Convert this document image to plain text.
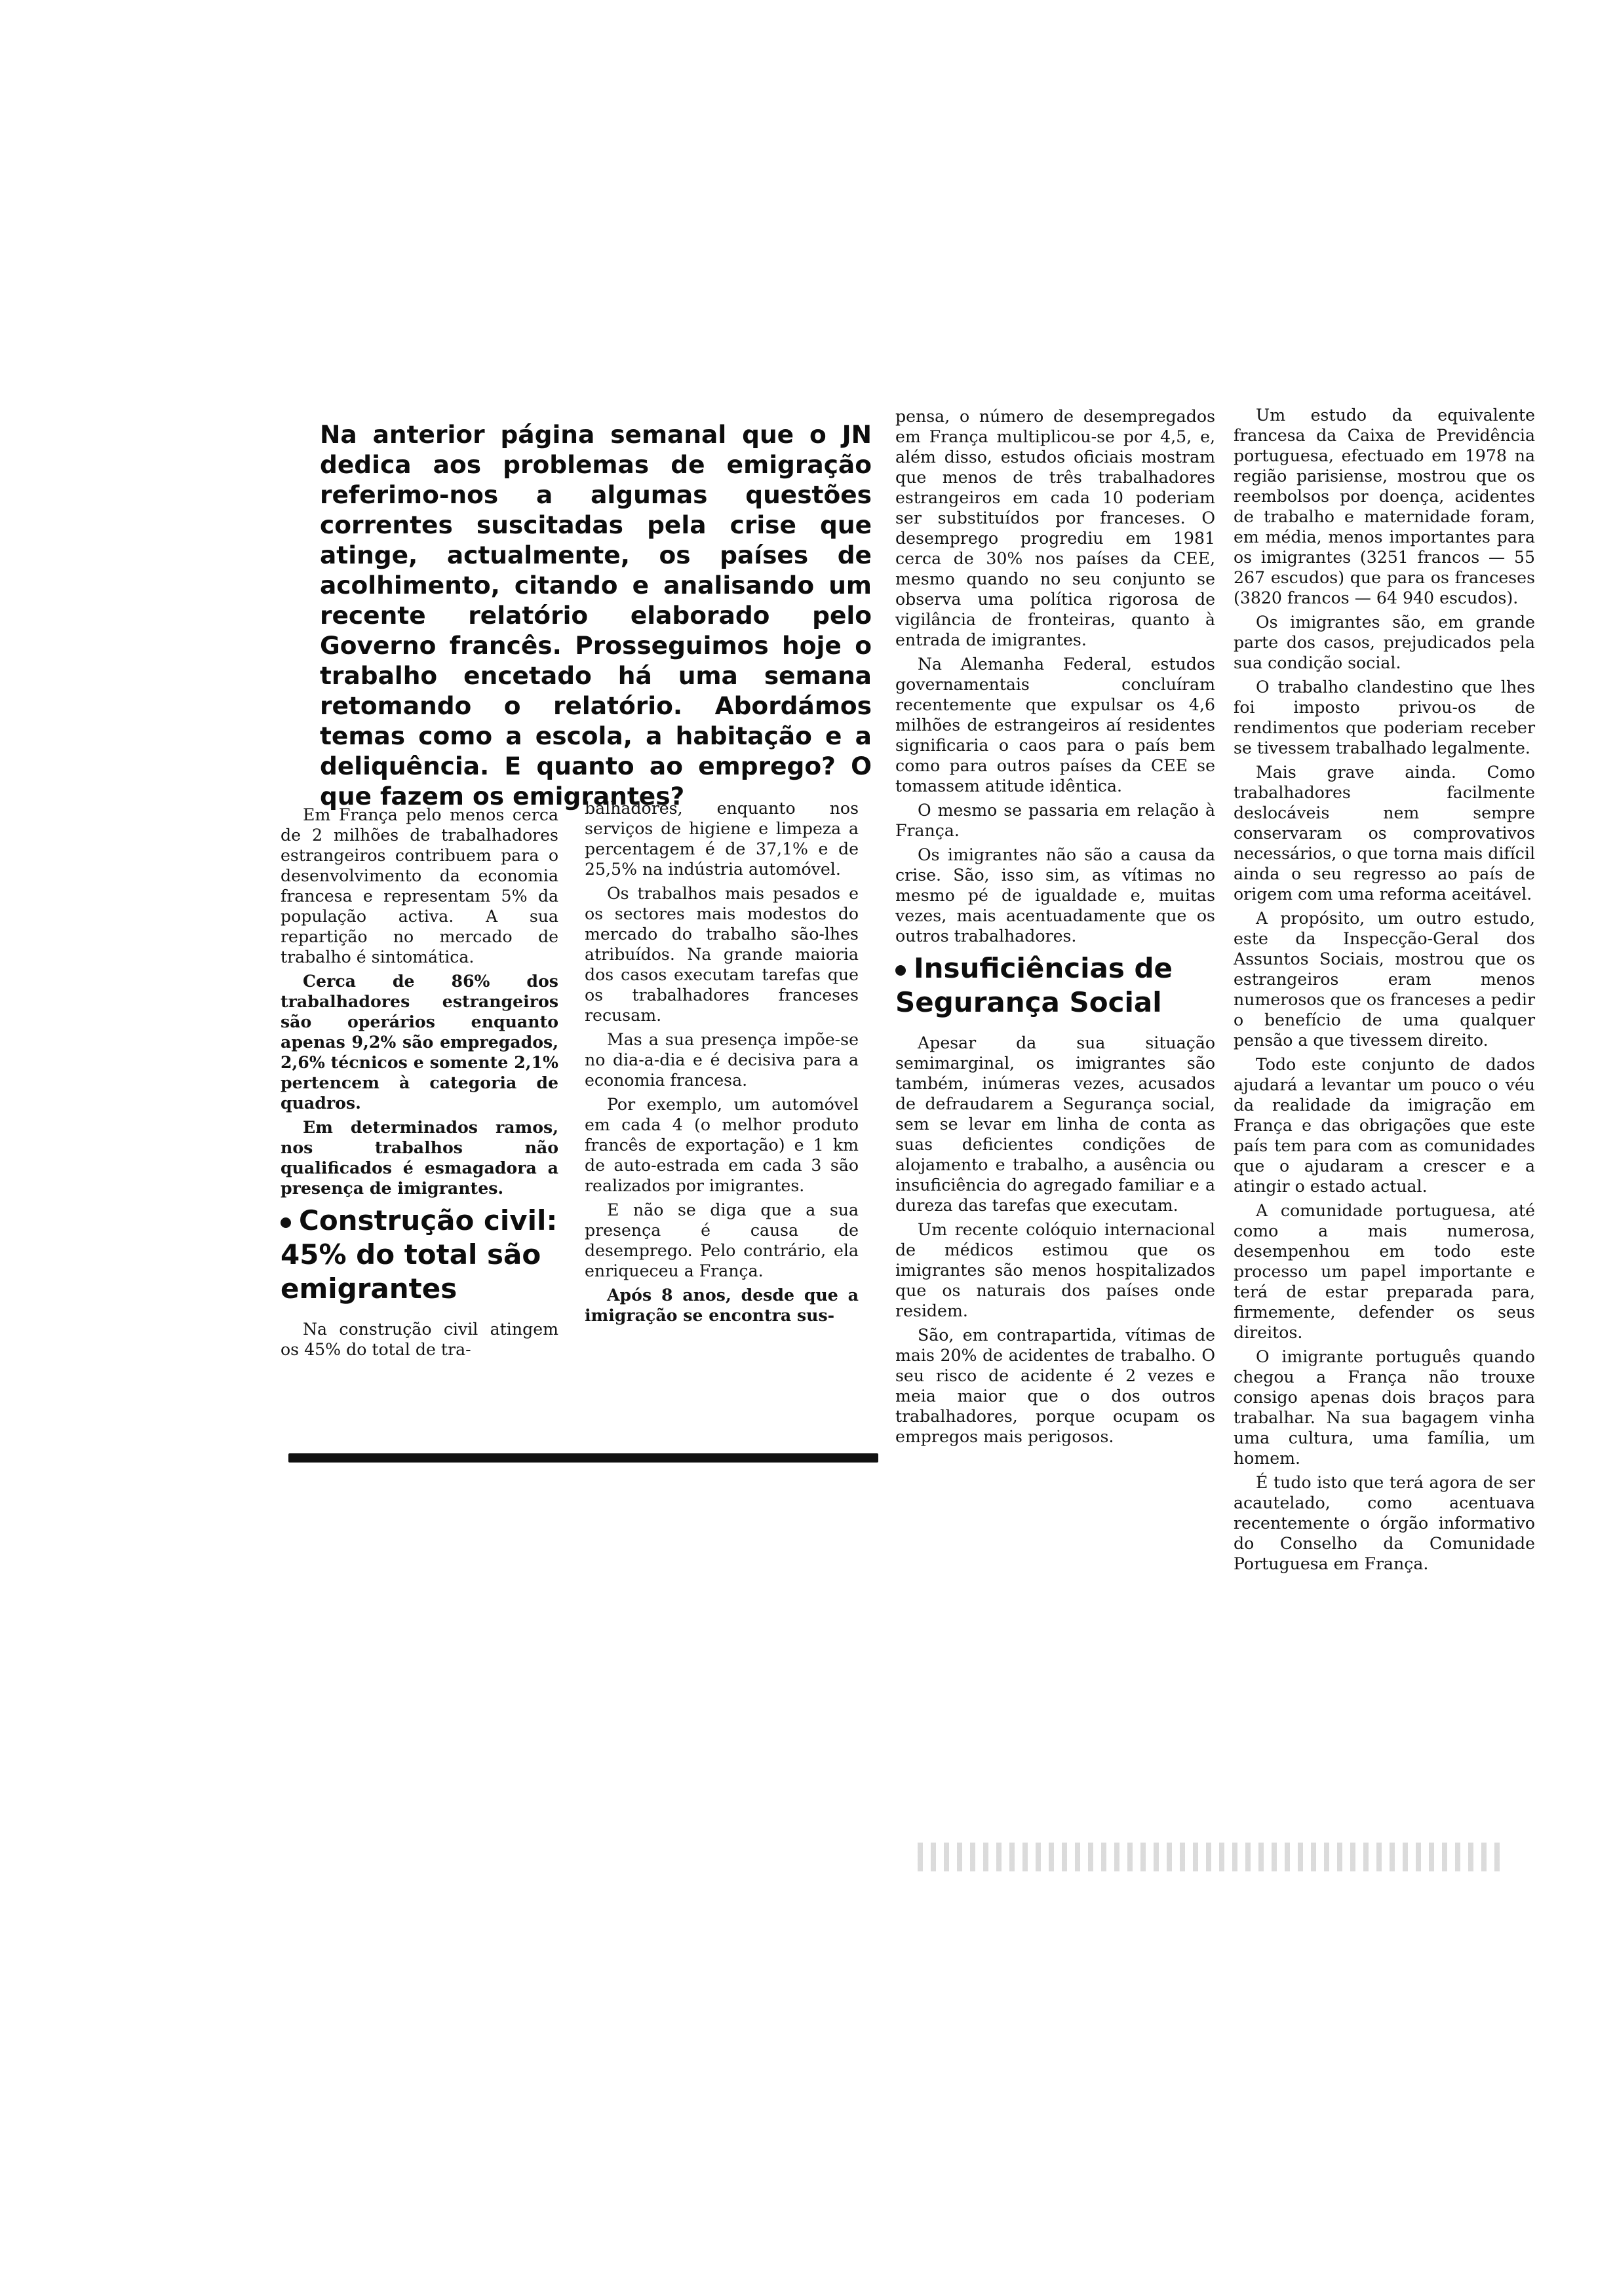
Na anterior página semanal que o JN dedica aos problemas de emigração referimo-nos a algumas questões correntes suscitadas pela crise que atinge, actualmente, os países de acolhimento, citando e analisando um recente relatório elaborado pelo Governo francês. Prosseguimos hoje o trabalho encetado há uma semana retomando o relatório. Abordámos temas como a escola, a habitação e a deliquência. E quanto ao emprego? O que fazem os emigrantes?

Em França pelo menos cerca de 2 milhões de trabalhadores estrangeiros contribuem para o desenvolvimento da economia francesa e representam 5% da população activa. A sua repartição no mercado de trabalho é sintomática.

Cerca de 86% dos trabalhadores estrangeiros são operários enquanto apenas 9,2% são empregados, 2,6% técnicos e somente 2,1% pertencem à categoria de quadros.

Em determinados ramos, nos trabalhos não qualificados é esmagadora a presença de imigrantes.

Construção civil: 45% do total são emigrantes

Na construção civil atingem os 45% do total de tra-

balhadores, enquanto nos serviços de higiene e limpeza a percentagem é de 37,1% e de 25,5% na indústria automóvel.

Os trabalhos mais pesados e os sectores mais modestos do mercado do trabalho são-lhes atribuídos. Na grande maioria dos casos executam tarefas que os trabalhadores franceses recusam.

Mas a sua presença impõe-se no dia-a-dia e é decisiva para a economia francesa.

Por exemplo, um automóvel em cada 4 (o melhor produto francês de exportação) e 1 km de auto-estrada em cada 3 são realizados por imigrantes.

E não se diga que a sua presença é causa de desemprego. Pelo contrário, ela enriqueceu a França.

Após 8 anos, desde que a imigração se encontra sus-

pensa, o número de desempregados em França multiplicou-se por 4,5, e, além disso, estudos oficiais mostram que menos de três trabalhadores estrangeiros em cada 10 poderiam ser substituídos por franceses. O desemprego progrediu em 1981 cerca de 30% nos países da CEE, mesmo quando no seu conjunto se observa uma política rigorosa de vigilância de fronteiras, quanto à entrada de imigrantes.

Na Alemanha Federal, estudos governamentais concluíram recentemente que expulsar os 4,6 milhões de estrangeiros aí residentes significaria o caos para o país bem como para outros países da CEE se tomassem atitude idêntica.

O mesmo se passaria em relação à França.

Os imigrantes não são a causa da crise. São, isso sim, as vítimas no mesmo pé de igualdade e, muitas vezes, mais acentuadamente que os outros trabalhadores.

Insuficiências de Segurança Social

Apesar da sua situação semimarginal, os imigrantes são também, inúmeras vezes, acusados de defraudarem a Segurança social, sem se levar em linha de conta as suas deficientes condições de alojamento e trabalho, a ausência ou insuficiência do agregado familiar e a dureza das tarefas que executam.

Um recente colóquio internacional de médicos estimou que os imigrantes são menos hospitalizados que os naturais dos países onde residem.

São, em contrapartida, vítimas de mais 20% de acidentes de trabalho. O seu risco de acidente é 2 vezes e meia maior que o dos outros trabalhadores, porque ocupam os empregos mais perigosos.

Um estudo da equivalente francesa da Caixa de Previdência portuguesa, efectuado em 1978 na região parisiense, mostrou que os reembolsos por doença, acidentes de trabalho e maternidade foram, em média, menos importantes para os imigrantes (3251 francos — 55 267 escudos) que para os franceses (3820 francos — 64 940 escudos).

Os imigrantes são, em grande parte dos casos, prejudicados pela sua condição social.

O trabalho clandestino que lhes foi imposto privou-os de rendimentos que poderiam receber se tivessem trabalhado legalmente.

Mais grave ainda. Como trabalhadores facilmente deslocáveis nem sempre conservaram os comprovativos necessários, o que torna mais difícil ainda o seu regresso ao país de origem com uma reforma aceitável.

A propósito, um outro estudo, este da Inspecção-Geral dos Assuntos Sociais, mostrou que os estrangeiros eram menos numerosos que os franceses a pedir o benefício de uma qualquer pensão a que tivessem direito.

Todo este conjunto de dados ajudará a levantar um pouco o véu da realidade da imigração em França e das obrigações que este país tem para com as comunidades que o ajudaram a crescer e a atingir o estado actual.

A comunidade portuguesa, até como a mais numerosa, desempenhou em todo este processo um papel importante e terá de estar preparada para, firmemente, defender os seus direitos.

O imigrante português quando chegou a França não trouxe consigo apenas dois braços para trabalhar. Na sua bagagem vinha uma cultura, uma família, um homem.

É tudo isto que terá agora de ser acautelado, como acentuava recentemente o órgão informativo do Conselho da Comunidade Portuguesa em França.
